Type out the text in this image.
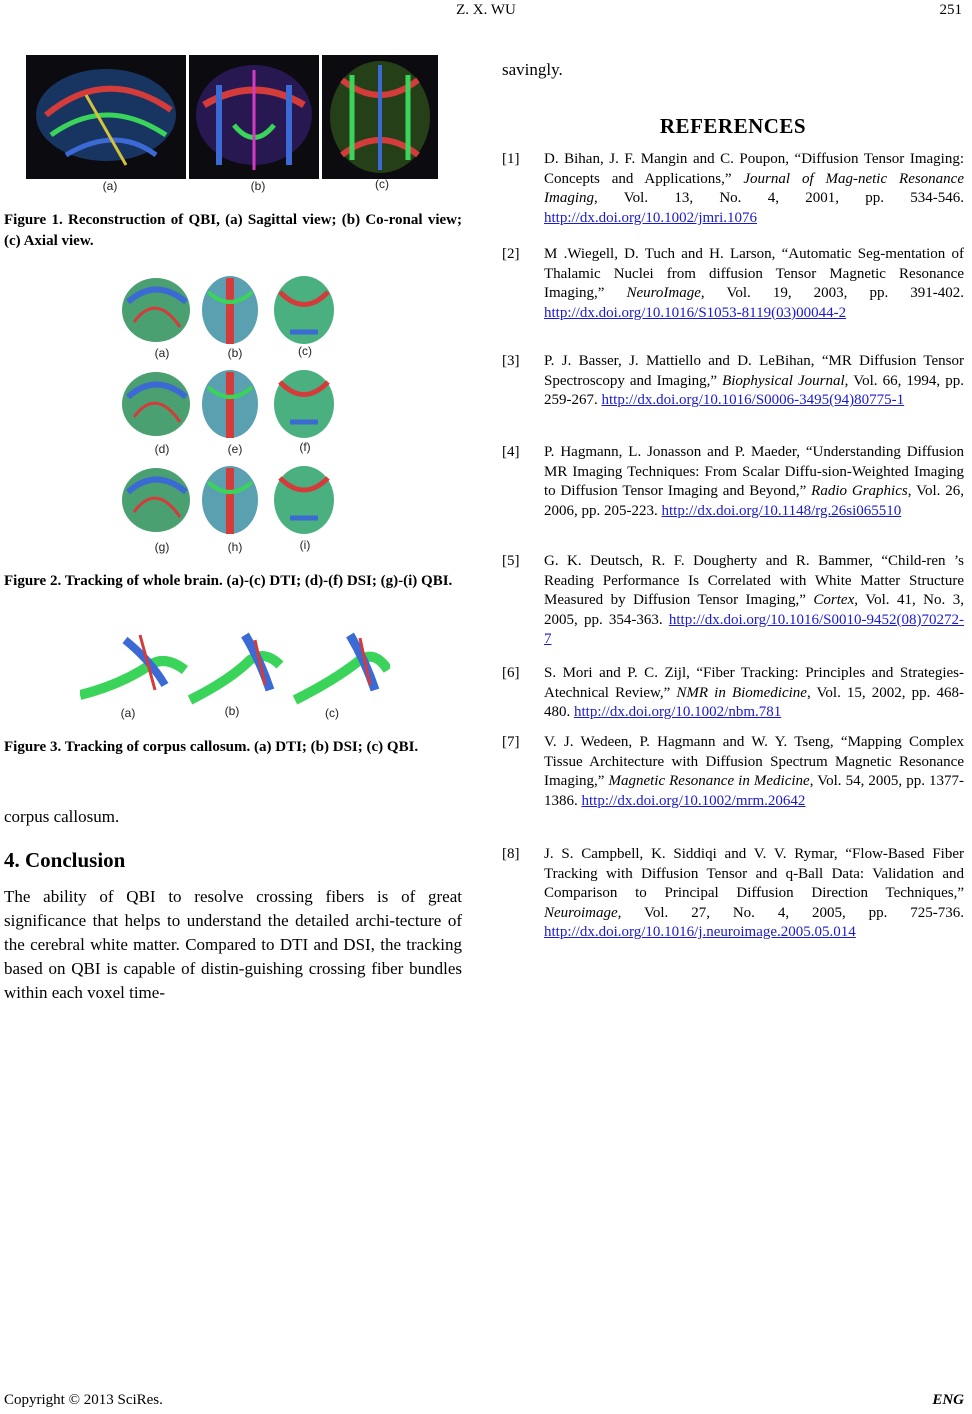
Z. X. WU	251
(a)	(b)	(c)
Figure 1. Reconstruction of QBI, (a) Sagittal view; (b) Co-ronal view; (c) Axial view.
(a)	(b)	(c)
(d)	(e)	(f)
(g)	(h)	(i)
Figure 2. Tracking of whole brain. (a)-(c) DTI; (d)-(f) DSI; (g)-(i) QBI.
(a)	(b)	(c)
Figure 3. Tracking of corpus callosum. (a) DTI; (b) DSI; (c) QBI.
corpus callosum.
4. Conclusion
The ability of QBI to resolve crossing fibers is of great significance that helps to understand the detailed archi-tecture of the cerebral white matter. Compared to DTI and DSI, the tracking based on QBI is capable of distin-guishing crossing fiber bundles within each voxel time-
savingly.
REFERENCES
[1] D. Bihan, J. F. Mangin and C. Poupon, “Diffusion Tensor Imaging: Concepts and Applications,” Journal of Mag-netic Resonance Imaging, Vol. 13, No. 4, 2001, pp. 534-546. http://dx.doi.org/10.1002/jmri.1076
[2] M .Wiegell, D. Tuch and H. Larson, “Automatic Seg-mentation of Thalamic Nuclei from diffusion Tensor Magnetic Resonance Imaging,” NeuroImage, Vol. 19, 2003, pp. 391-402. http://dx.doi.org/10.1016/S1053-8119(03)00044-2
[3] P. J. Basser, J. Mattiello and D. LeBihan, “MR Diffusion Tensor Spectroscopy and Imaging,” Biophysical Journal, Vol. 66, 1994, pp. 259-267. http://dx.doi.org/10.1016/S0006-3495(94)80775-1
[4] P. Hagmann, L. Jonasson and P. Maeder, “Understanding Diffusion MR Imaging Techniques: From Scalar Diffu-sion-Weighted Imaging to Diffusion Tensor Imaging and Beyond,” Radio Graphics, Vol. 26, 2006, pp. 205-223. http://dx.doi.org/10.1148/rg.26si065510
[5] G. K. Deutsch, R. F. Dougherty and R. Bammer, “Child-ren ’s Reading Performance Is Correlated with White Matter Structure Measured by Diffusion Tensor Imaging,” Cortex, Vol. 41, No. 3, 2005, pp. 354-363. http://dx.doi.org/10.1016/S0010-9452(08)70272-7
[6] S. Mori and P. C. Zijl, “Fiber Tracking: Principles and Strategies-Atechnical Review,” NMR in Biomedicine, Vol. 15, 2002, pp. 468-480. http://dx.doi.org/10.1002/nbm.781
[7] V. J. Wedeen, P. Hagmann and W. Y. Tseng, “Mapping Complex Tissue Architecture with Diffusion Spectrum Magnetic Resonance Imaging,” Magnetic Resonance in Medicine, Vol. 54, 2005, pp. 1377-1386. http://dx.doi.org/10.1002/mrm.20642
[8] J. S. Campbell, K. Siddiqi and V. V. Rymar, “Flow-Based Fiber Tracking with Diffusion Tensor and q-Ball Data: Validation and Comparison to Principal Diffusion Direction Techniques,” Neuroimage, Vol. 27, No. 4, 2005, pp. 725-736. http://dx.doi.org/10.1016/j.neuroimage.2005.05.014
Copyright © 2013 SciRes.	ENG
